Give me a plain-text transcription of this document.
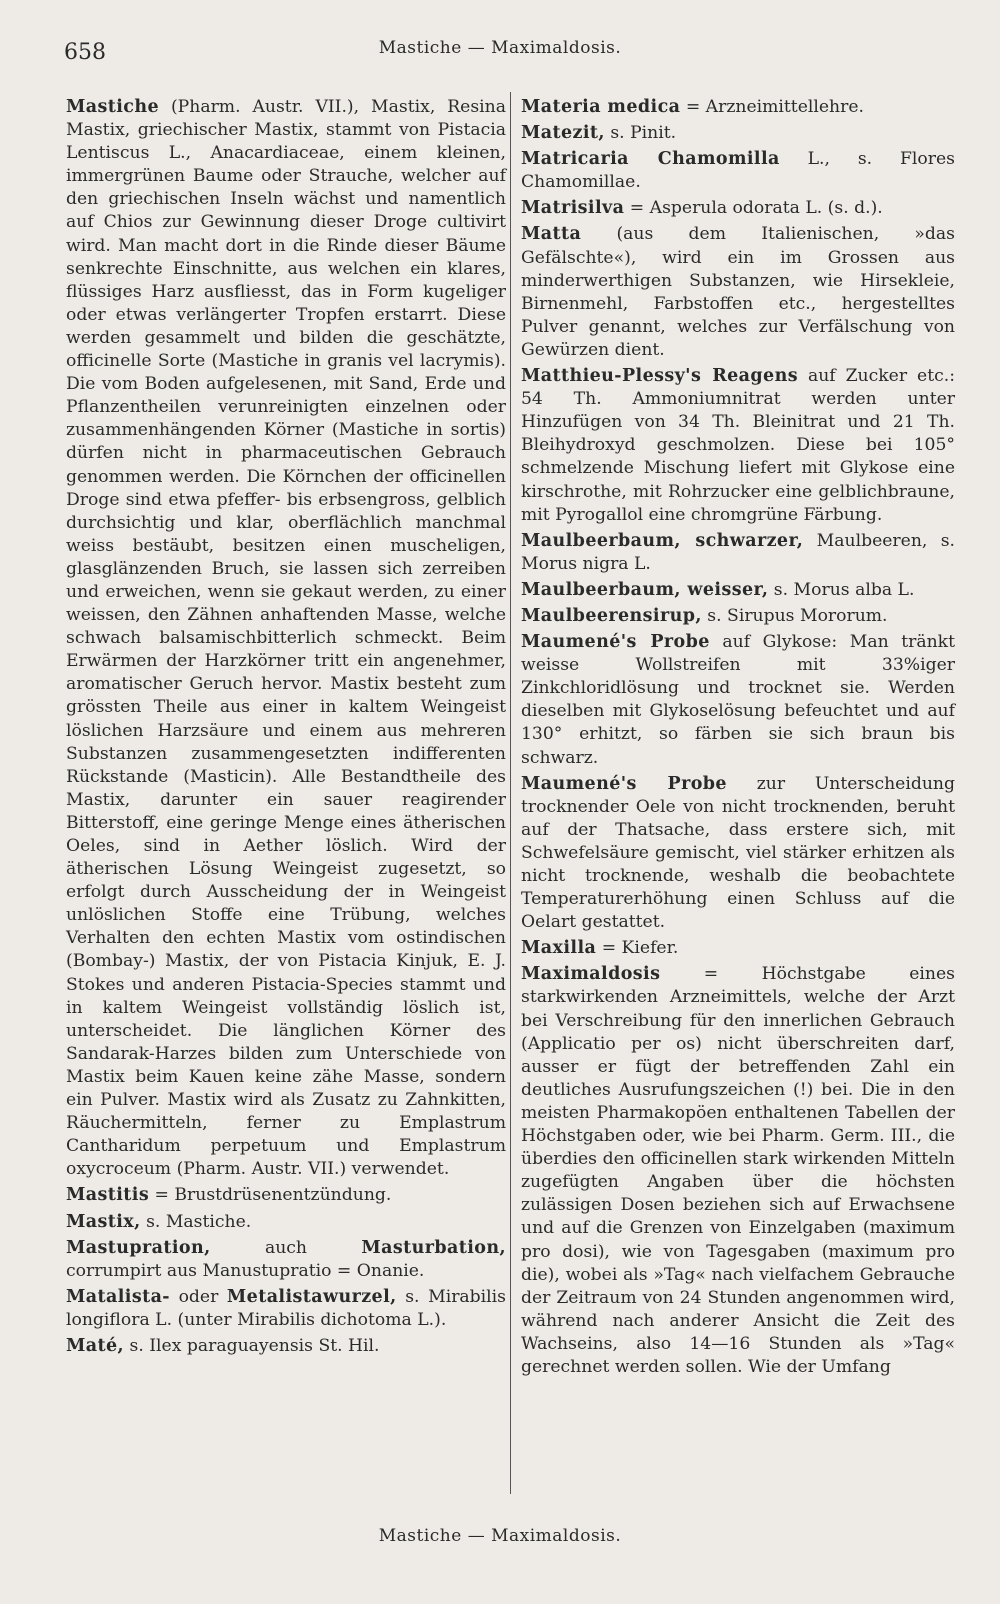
658	Mastiche — Maximaldosis.

Mastiche (Pharm. Austr. VII.), Mastix, Resina Mastix, griechischer Mastix, stammt von Pistacia Lentiscus L., Anacardiaceae, einem kleinen, immergrünen Baume oder Strauche, welcher auf den griechischen Inseln wächst und namentlich auf Chios zur Gewinnung dieser Droge cultivirt wird. Man macht dort in die Rinde dieser Bäume senkrechte Einschnitte, aus welchen ein klares, flüssiges Harz ausfliesst, das in Form kugeliger oder etwas verlängerter Tropfen erstarrt. Diese werden gesammelt und bilden die geschätzte, officinelle Sorte (Mastiche in granis vel lacrymis). Die vom Boden aufgelesenen, mit Sand, Erde und Pflanzentheilen verunreinigten einzelnen oder zusammenhängenden Körner (Mastiche in sortis) dürfen nicht in pharmaceutischen Gebrauch genommen werden. Die Körnchen der officinellen Droge sind etwa pfeffer- bis erbsengross, gelblich durchsichtig und klar, oberflächlich manchmal weiss bestäubt, besitzen einen muscheligen, glasglänzenden Bruch, sie lassen sich zerreiben und erweichen, wenn sie gekaut werden, zu einer weissen, den Zähnen anhaftenden Masse, welche schwach balsamischbitterlich schmeckt. Beim Erwärmen der Harzkörner tritt ein angenehmer, aromatischer Geruch hervor. Mastix besteht zum grössten Theile aus einer in kaltem Weingeist löslichen Harzsäure und einem aus mehreren Substanzen zusammengesetzten indifferenten Rückstande (Masticin). Alle Bestandtheile des Mastix, darunter ein sauer reagirender Bitterstoff, eine geringe Menge eines ätherischen Oeles, sind in Aether löslich. Wird der ätherischen Lösung Weingeist zugesetzt, so erfolgt durch Ausscheidung der in Weingeist unlöslichen Stoffe eine Trübung, welches Verhalten den echten Mastix vom ostindischen (Bombay-) Mastix, der von Pistacia Kinjuk, E. J. Stokes und anderen Pistacia-Species stammt und in kaltem Weingeist vollständig löslich ist, unterscheidet. Die länglichen Körner des Sandarak-Harzes bilden zum Unterschiede von Mastix beim Kauen keine zähe Masse, sondern ein Pulver. Mastix wird als Zusatz zu Zahnkitten, Räuchermitteln, ferner zu Emplastrum Cantharidum perpetuum und Emplastrum oxycroceum (Pharm. Austr. VII.) verwendet.

Mastitis = Brustdrüsenentzündung.

Mastix, s. Mastiche.

Mastupration, auch Masturbation, corrumpirt aus Manustupratio = Onanie.

Matalista- oder Metalistawurzel, s. Mirabilis longiflora L. (unter Mirabilis dichotoma L.).

Maté, s. Ilex paraguayensis St. Hil.

Materia medica = Arzneimittellehre.

Matezit, s. Pinit.

Matricaria Chamomilla L., s. Flores Chamomillae.

Matrisilva = Asperula odorata L. (s. d.).

Matta (aus dem Italienischen, »das Gefälschte«), wird ein im Grossen aus minderwerthigen Substanzen, wie Hirsekleie, Birnenmehl, Farbstoffen etc., hergestelltes Pulver genannt, welches zur Verfälschung von Gewürzen dient.

Matthieu-Plessy's Reagens auf Zucker etc.: 54 Th. Ammoniumnitrat werden unter Hinzufügen von 34 Th. Bleinitrat und 21 Th. Bleihydroxyd geschmolzen. Diese bei 105° schmelzende Mischung liefert mit Glykose eine kirschrothe, mit Rohrzucker eine gelblichbraune, mit Pyrogallol eine chromgrüne Färbung.

Maulbeerbaum, schwarzer, Maulbeeren, s. Morus nigra L.

Maulbeerbaum, weisser, s. Morus alba L.

Maulbeerensirup, s. Sirupus Mororum.

Maumené's Probe auf Glykose: Man tränkt weisse Wollstreifen mit 33%iger Zinkchloridlösung und trocknet sie. Werden dieselben mit Glykoselösung befeuchtet und auf 130° erhitzt, so färben sie sich braun bis schwarz.

Maumené's Probe zur Unterscheidung trocknender Oele von nicht trocknenden, beruht auf der Thatsache, dass erstere sich, mit Schwefelsäure gemischt, viel stärker erhitzen als nicht trocknende, weshalb die beobachtete Temperaturerhöhung einen Schluss auf die Oelart gestattet.

Maxilla = Kiefer.

Maximaldosis = Höchstgabe eines starkwirkenden Arzneimittels, welche der Arzt bei Verschreibung für den innerlichen Gebrauch (Applicatio per os) nicht überschreiten darf, ausser er fügt der betreffenden Zahl ein deutliches Ausrufungszeichen (!) bei. Die in den meisten Pharmakopöen enthaltenen Tabellen der Höchstgaben oder, wie bei Pharm. Germ. III., die überdies den officinellen stark wirkenden Mitteln zugefügten Angaben über die höchsten zulässigen Dosen beziehen sich auf Erwachsene und auf die Grenzen von Einzelgaben (maximum pro dosi), wie von Tagesgaben (maximum pro die), wobei als »Tag« nach vielfachem Gebrauche der Zeitraum von 24 Stunden angenommen wird, während nach anderer Ansicht die Zeit des Wachseins, also 14—16 Stunden als »Tag« gerechnet werden sollen. Wie der Umfang

Mastiche — Maximaldosis.
